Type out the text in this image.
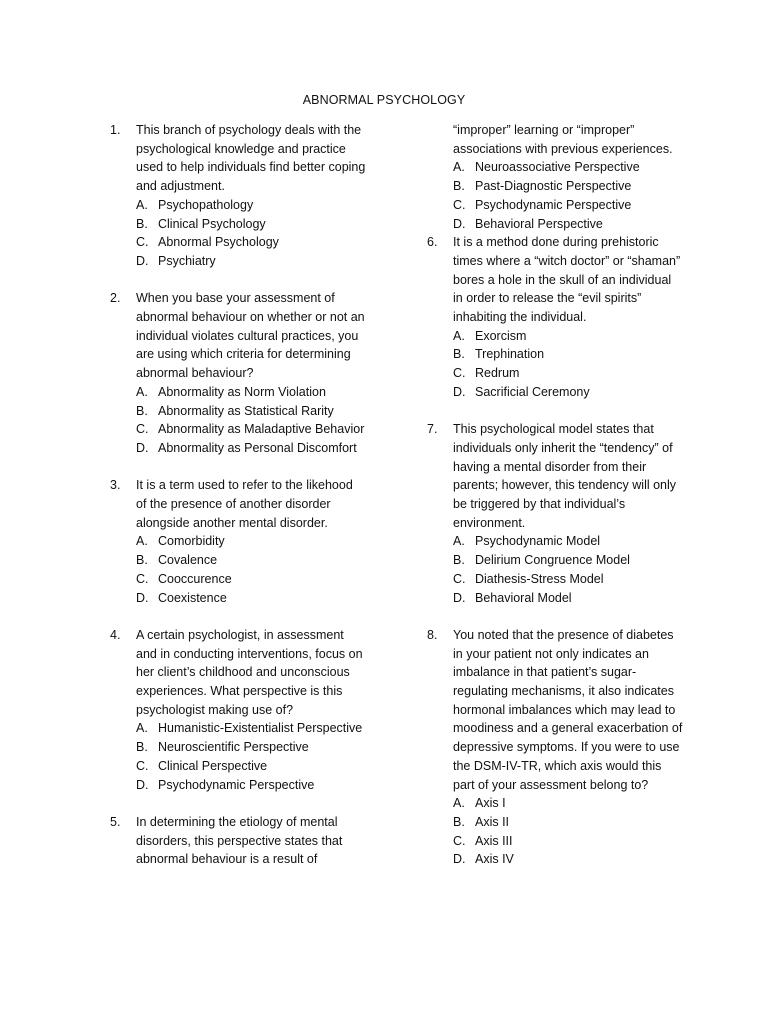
ABNORMAL PSYCHOLOGY
1. This branch of psychology deals with the psychological knowledge and practice used to help individuals find better coping and adjustment.
A. Psychopathology
B. Clinical Psychology
C. Abnormal Psychology
D. Psychiatry
2. When you base your assessment of abnormal behaviour on whether or not an individual violates cultural practices, you are using which criteria for determining abnormal behaviour?
A. Abnormality as Norm Violation
B. Abnormality as Statistical Rarity
C. Abnormality as Maladaptive Behavior
D. Abnormality as Personal Discomfort
3. It is a term used to refer to the likehood of the presence of another disorder alongside another mental disorder.
A. Comorbidity
B. Covalence
C. Cooccurence
D. Coexistence
4. A certain psychologist, in assessment and in conducting interventions, focus on her client’s childhood and unconscious experiences. What perspective is this psychologist making use of?
A. Humanistic-Existentialist Perspective
B. Neuroscientific Perspective
C. Clinical Perspective
D. Psychodynamic Perspective
5. In determining the etiology of mental disorders, this perspective states that abnormal behaviour is a result of
“improper” learning or “improper” associations with previous experiences.
A. Neuroassociative Perspective
B. Past-Diagnostic Perspective
C. Psychodynamic Perspective
D. Behavioral Perspective
6. It is a method done during prehistoric times where a “witch doctor” or “shaman” bores a hole in the skull of an individual in order to release the “evil spirits” inhabiting the individual.
A. Exorcism
B. Trephination
C. Redrum
D. Sacrificial Ceremony
7. This psychological model states that individuals only inherit the “tendency” of having a mental disorder from their parents; however, this tendency will only be triggered by that individual’s environment.
A. Psychodynamic Model
B. Delirium Congruence Model
C. Diathesis-Stress Model
D. Behavioral Model
8. You noted that the presence of diabetes in your patient not only indicates an imbalance in that patient’s sugar-regulating mechanisms, it also indicates hormonal imbalances which may lead to moodiness and a general exacerbation of depressive symptoms. If you were to use the DSM-IV-TR, which axis would this part of your assessment belong to?
A. Axis I
B. Axis II
C. Axis III
D. Axis IV
